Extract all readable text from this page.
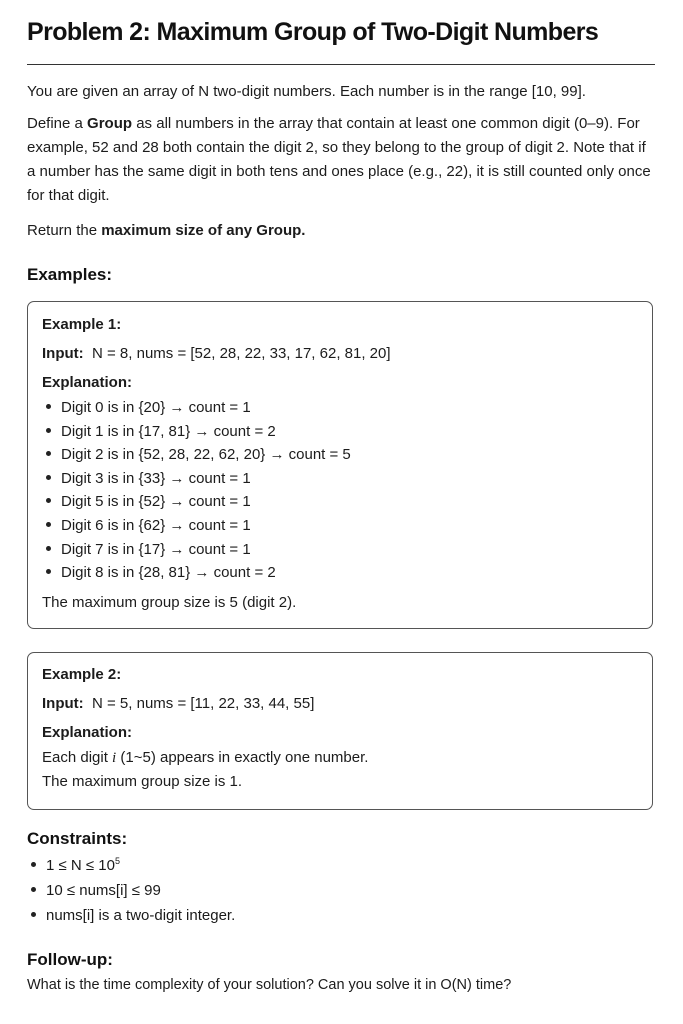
Problem 2: Maximum Group of Two-Digit Numbers

You are given an array of N two-digit numbers. Each number is in the range [10, 99].

Define a Group as all numbers in the array that contain at least one common digit (0–9). For example, 52 and 28 both contain the digit 2, so they belong to the group of digit 2. Note that if a number has the same digit in both tens and ones place (e.g., 22), it is still counted only once for that digit.

Return the maximum size of any Group.

Examples:
Example 1:
Input: N = 8, nums = [52, 28, 22, 33, 17, 62, 81, 20]
Explanation:
Digit 0 is in {20} → count = 1
Digit 1 is in {17, 81} → count = 2
Digit 2 is in {52, 28, 22, 62, 20} → count = 5
Digit 3 is in {33} → count = 1
Digit 5 is in {52} → count = 1
Digit 6 is in {62} → count = 1
Digit 7 is in {17} → count = 1
Digit 8 is in {28, 81} → count = 2
The maximum group size is 5 (digit 2).
Example 2:
Input: N = 5, nums = [11, 22, 33, 44, 55]
Explanation:
Each digit i (1~5) appears in exactly one number.
The maximum group size is 1.
Constraints:
$1 \le N \le 10^5$
10 ≤ nums[i] ≤ 99
nums[i] is a two-digit integer.
Follow-up:
What is the time complexity of your solution? Can you solve it in O(N) time?
